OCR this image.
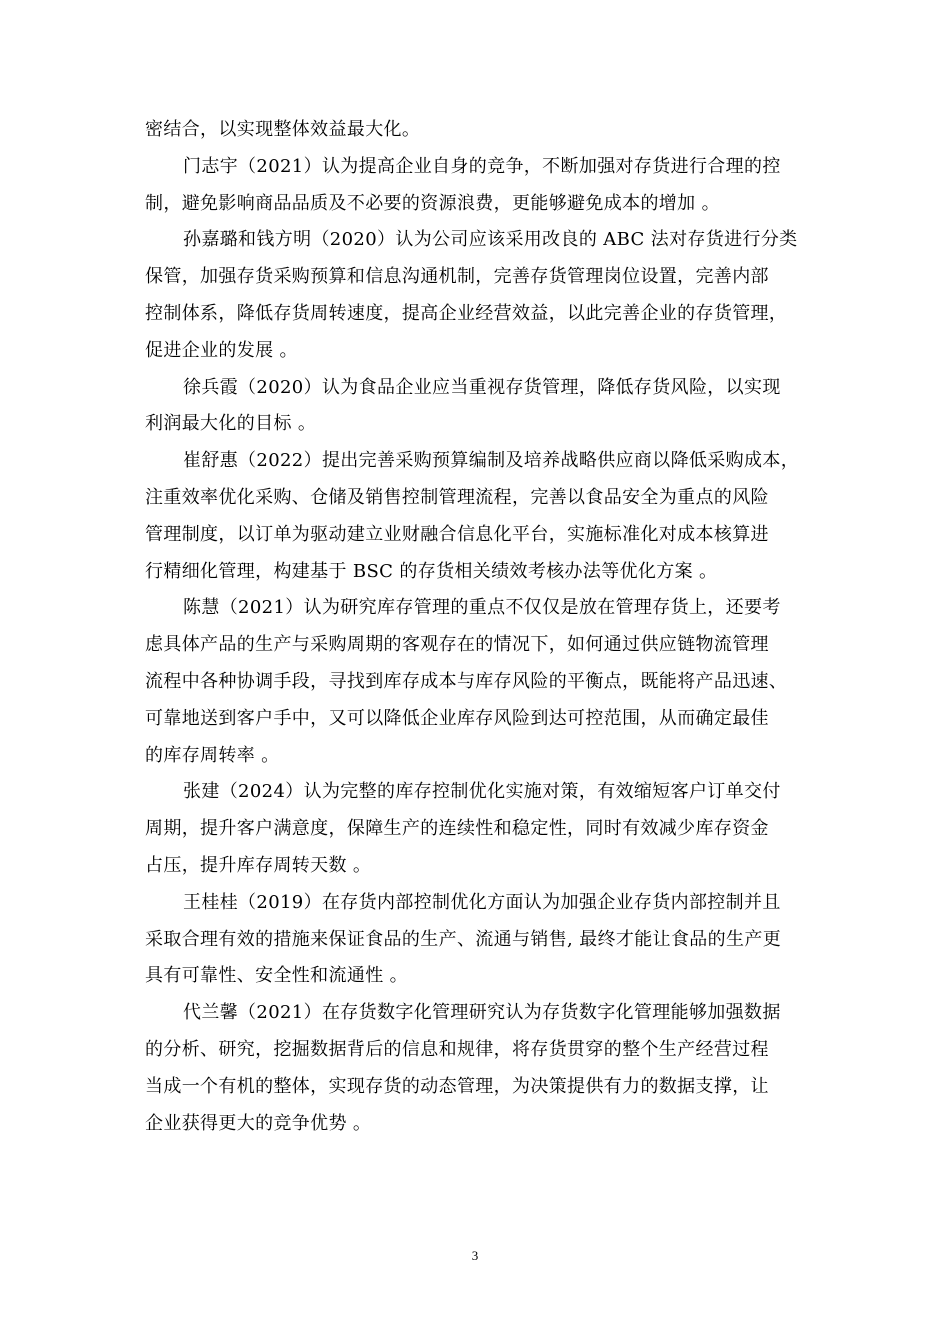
密结合，以实现整体效益最大化。
门志宇（2021）认为提高企业自身的竞争，不断加强对存货进行合理的控
制，避免影响商品品质及不必要的资源浪费，更能够避免成本的增加 。
孙嘉璐和钱方明（2020）认为公司应该采用改良的 ABC 法对存货进行分类
保管，加强存货采购预算和信息沟通机制，完善存货管理岗位设置，完善内部
控制体系，降低存货周转速度，提高企业经营效益，以此完善企业的存货管理，
促进企业的发展 。
徐兵霞（2020）认为食品企业应当重视存货管理，降低存货风险，以实现
利润最大化的目标 。
崔舒惠（2022）提出完善采购预算编制及培养战略供应商以降低采购成本，
注重效率优化采购、仓储及销售控制管理流程，完善以食品安全为重点的风险
管理制度，以订单为驱动建立业财融合信息化平台，实施标准化对成本核算进
行精细化管理，构建基于 BSC 的存货相关绩效考核办法等优化方案 。
陈慧（2021）认为研究库存管理的重点不仅仅是放在管理存货上，还要考
虑具体产品的生产与采购周期的客观存在的情况下，如何通过供应链物流管理
流程中各种协调手段，寻找到库存成本与库存风险的平衡点，既能将产品迅速、
可靠地送到客户手中，又可以降低企业库存风险到达可控范围，从而确定最佳
的库存周转率 。
张建（2024）认为完整的库存控制优化实施对策，有效缩短客户订单交付
周期，提升客户满意度，保障生产的连续性和稳定性，同时有效减少库存资金
占压，提升库存周转天数 。
王桂桂（2019）在存货内部控制优化方面认为加强企业存货内部控制并且
采取合理有效的措施来保证食品的生产、流通与销售, 最终才能让食品的生产更
具有可靠性、安全性和流通性 。
代兰馨（2021）在存货数字化管理研究认为存货数字化管理能够加强数据
的分析、研究，挖掘数据背后的信息和规律，将存货贯穿的整个生产经营过程
当成一个有机的整体，实现存货的动态管理，为决策提供有力的数据支撑，让
企业获得更大的竞争优势 。
3
